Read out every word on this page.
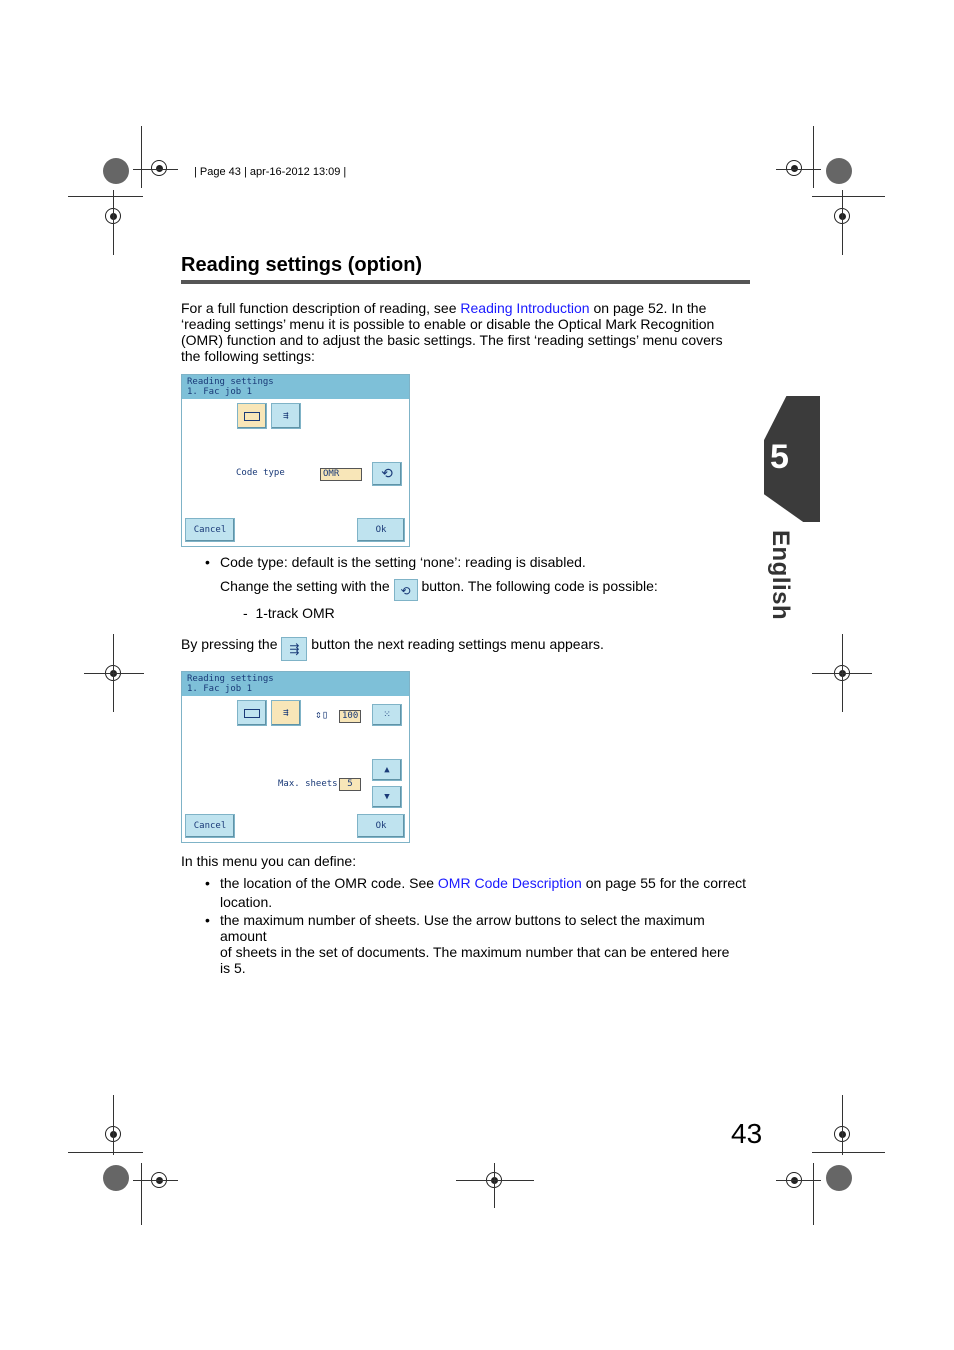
| Page 43 | apr-16-2012 13:09 |
Reading settings (option)
For a full function description of reading, see Reading Introduction on page 52. In the
‘reading settings’ menu it is possible to enable or disable the Optical Mark Recognition
(OMR) function and to adjust the basic settings. The first ‘reading settings’ menu covers
the following settings:
Reading settings
1. Fac job 1
⇶
Code type	OMR	⟲
Cancel	Ok
• Code type: default is the setting ‘none’: reading is disabled.
Change the setting with the ⟲ button. The following code is possible:
- 1-track OMR
By pressing the ⇶ button the next reading settings menu appears.
Reading settings
1. Fac job 1
⇶ ⇕▯	100	⁙
Max. sheets	5
▲
▼
Cancel	Ok
In this menu you can define:
• the location of the OMR code. See OMR Code Description on page 55 for the correct
location.
• the maximum number of sheets. Use the arrow buttons to select the maximum amount
of sheets in the set of documents. The maximum number that can be entered here
is 5.
5
English
43
